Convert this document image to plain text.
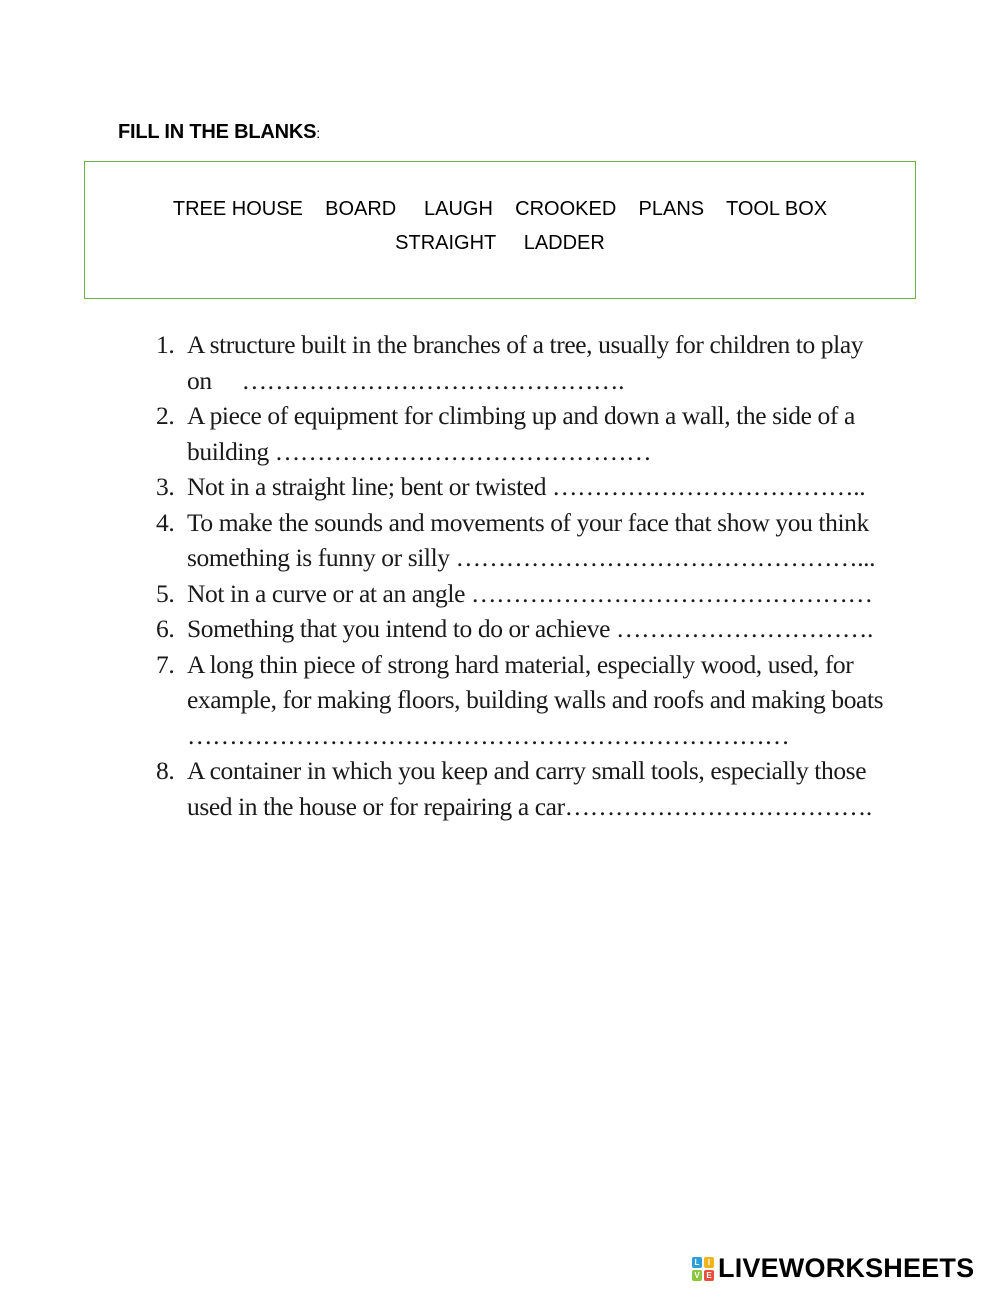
FILL IN THE BLANKS:
TREE HOUSE    BOARD     LAUGH    CROOKED    PLANS    TOOL BOX
STRAIGHT     LADDER
1. A structure built in the branches of a tree, usually for children to play on     ……………………………………….
2. A piece of equipment for climbing up and down a wall, the side of a building ………………………………………
3. Not in a straight line; bent or twisted ………………………………..
4. To make the sounds and movements of your face that show you think something is funny or silly …………………………………………...
5. Not in a curve or at an angle …………………………………………
6. Something that you intend to do or achieve ………………………….
7. A long thin piece of strong hard material, especially wood, used, for example, for making floors, building walls and roofs and making boats ………………………………………………………………
8. A container in which you keep and carry small tools, especially those used in the house or for repairing a car……………………………….
L	I
V E LIVEWORKSHEETS
